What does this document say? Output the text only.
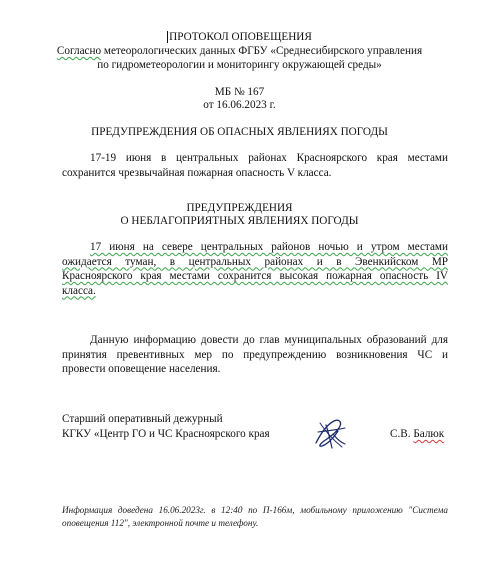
ПРОТОКОЛ ОПОВЕЩЕНИЯ
Согласно метеорологических данных ФГБУ «Среднесибирского управления
по гидрометеорологии и мониторингу окружающей среды»
МБ № 167
от 16.06.2023 г.
ПРЕДУПРЕЖДЕНИЯ ОБ ОПАСНЫХ ЯВЛЕНИЯХ ПОГОДЫ
17-19 июня в центральных районах Красноярского края местами
сохранится чрезвычайная пожарная опасность V класса.
ПРЕДУПРЕЖДЕНИЯ
О НЕБЛАГОПРИЯТНЫХ ЯВЛЕНИЯХ ПОГОДЫ
17 июня на севере центральных районов ночью и утром местами
ожидается туман, в центральных районах и в Эвенкийском МР
Красноярского края местами сохранится высокая пожарная опасность IV
класса.
Данную информацию довести до глав муниципальных образований для
принятия превентивных мер по предупреждению возникновения ЧС и
провести оповещение населения.
Старший оперативный дежурный
КГКУ «Центр ГО и ЧС Красноярского края	С.В. Балюк
Информация доведена 16.06.2023г. в 12:40 по П-166м, мобильному приложению "Система
оповещения 112", электронной почте и телефону.
